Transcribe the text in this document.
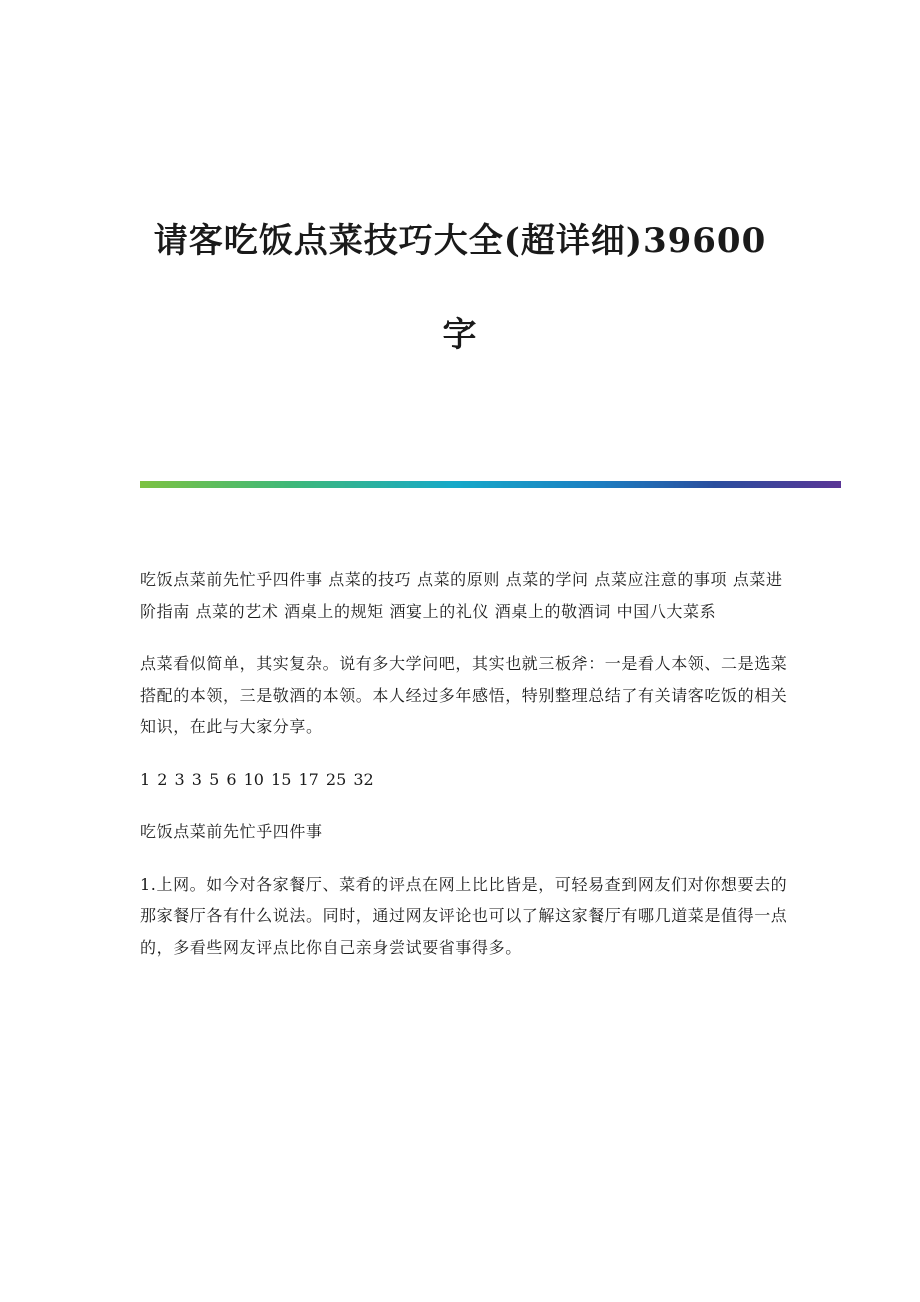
请客吃饭点菜技巧大全(超详细)39600
字

吃饭点菜前先忙乎四件事 点菜的技巧 点菜的原则 点菜的学问 点菜应注意的事项 点菜进阶指南 点菜的艺术 酒桌上的规矩 酒宴上的礼仪 酒桌上的敬酒词 中国八大菜系

点菜看似简单，其实复杂。说有多大学问吧，其实也就三板斧：一是看人本领、二是选菜搭配的本领，三是敬酒的本领。本人经过多年感悟，特别整理总结了有关请客吃饭的相关知识，在此与大家分享。

1 2 3 3 5 6 10 15 17 25 32

吃饭点菜前先忙乎四件事

1.上网。如今对各家餐厅、菜肴的评点在网上比比皆是，可轻易查到网友们对你想要去的那家餐厅各有什么说法。同时，通过网友评论也可以了解这家餐厅有哪几道菜是值得一点的，多看些网友评点比你自己亲身尝试要省事得多。
